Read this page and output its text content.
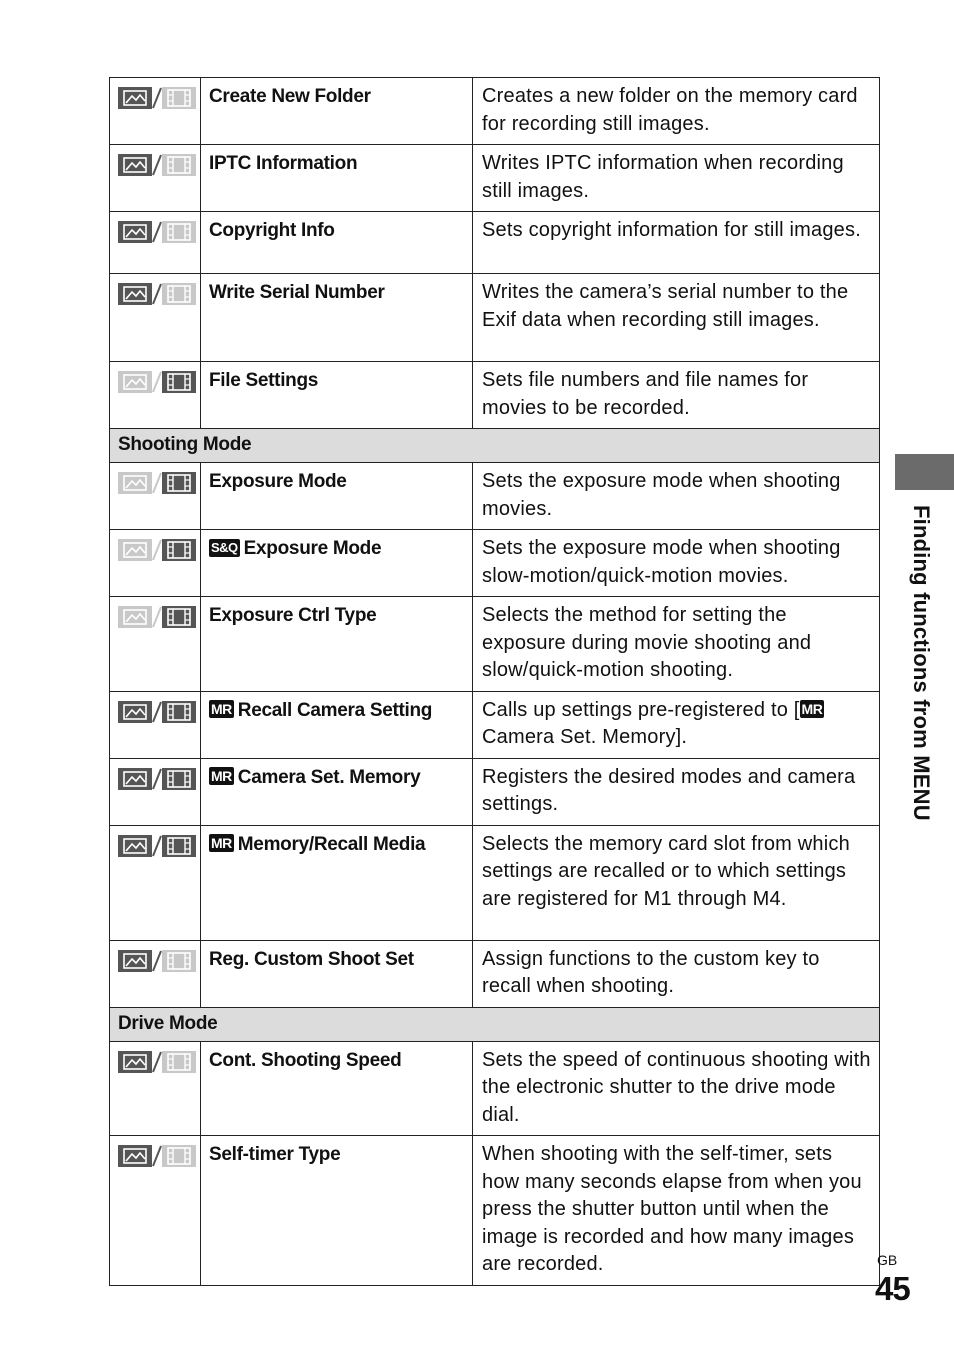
Create New Folder	Creates a new folder on the memory card for recording still images.

IPTC Information	Writes IPTC information when recording still images.

Copyright Info	Sets copyright information for still images.

Write Serial Number	Writes the camera’s serial number to the Exif data when recording still images.

File Settings	Sets file numbers and file names for movies to be recorded.

Shooting Mode		

Exposure Mode	Sets the exposure mode when shooting movies.

S&Q Exposure Mode	Sets the exposure mode when shooting slow-motion/quick-motion movies.

Exposure Ctrl Type	Selects the method for setting the exposure during movie shooting and slow/quick-motion shooting.

MR Recall Camera Setting	Calls up settings pre-registered to [ MR Camera Set. Memory].

MR Camera Set. Memory	Registers the desired modes and camera settings.

MR Memory/Recall Media	Selects the memory card slot from which settings are recalled or to which settings are registered for M1 through M4.

Reg. Custom Shoot Set	Assign functions to the custom key to recall when shooting.

Drive Mode		

Cont. Shooting Speed	Sets the speed of continuous shooting with the electronic shutter to the drive mode dial.

Self-timer Type	When shooting with the self-timer, sets how many seconds elapse from when you press the shutter button until when the image is recorded and how many images are recorded.
Finding functions from MENU
GB
45
